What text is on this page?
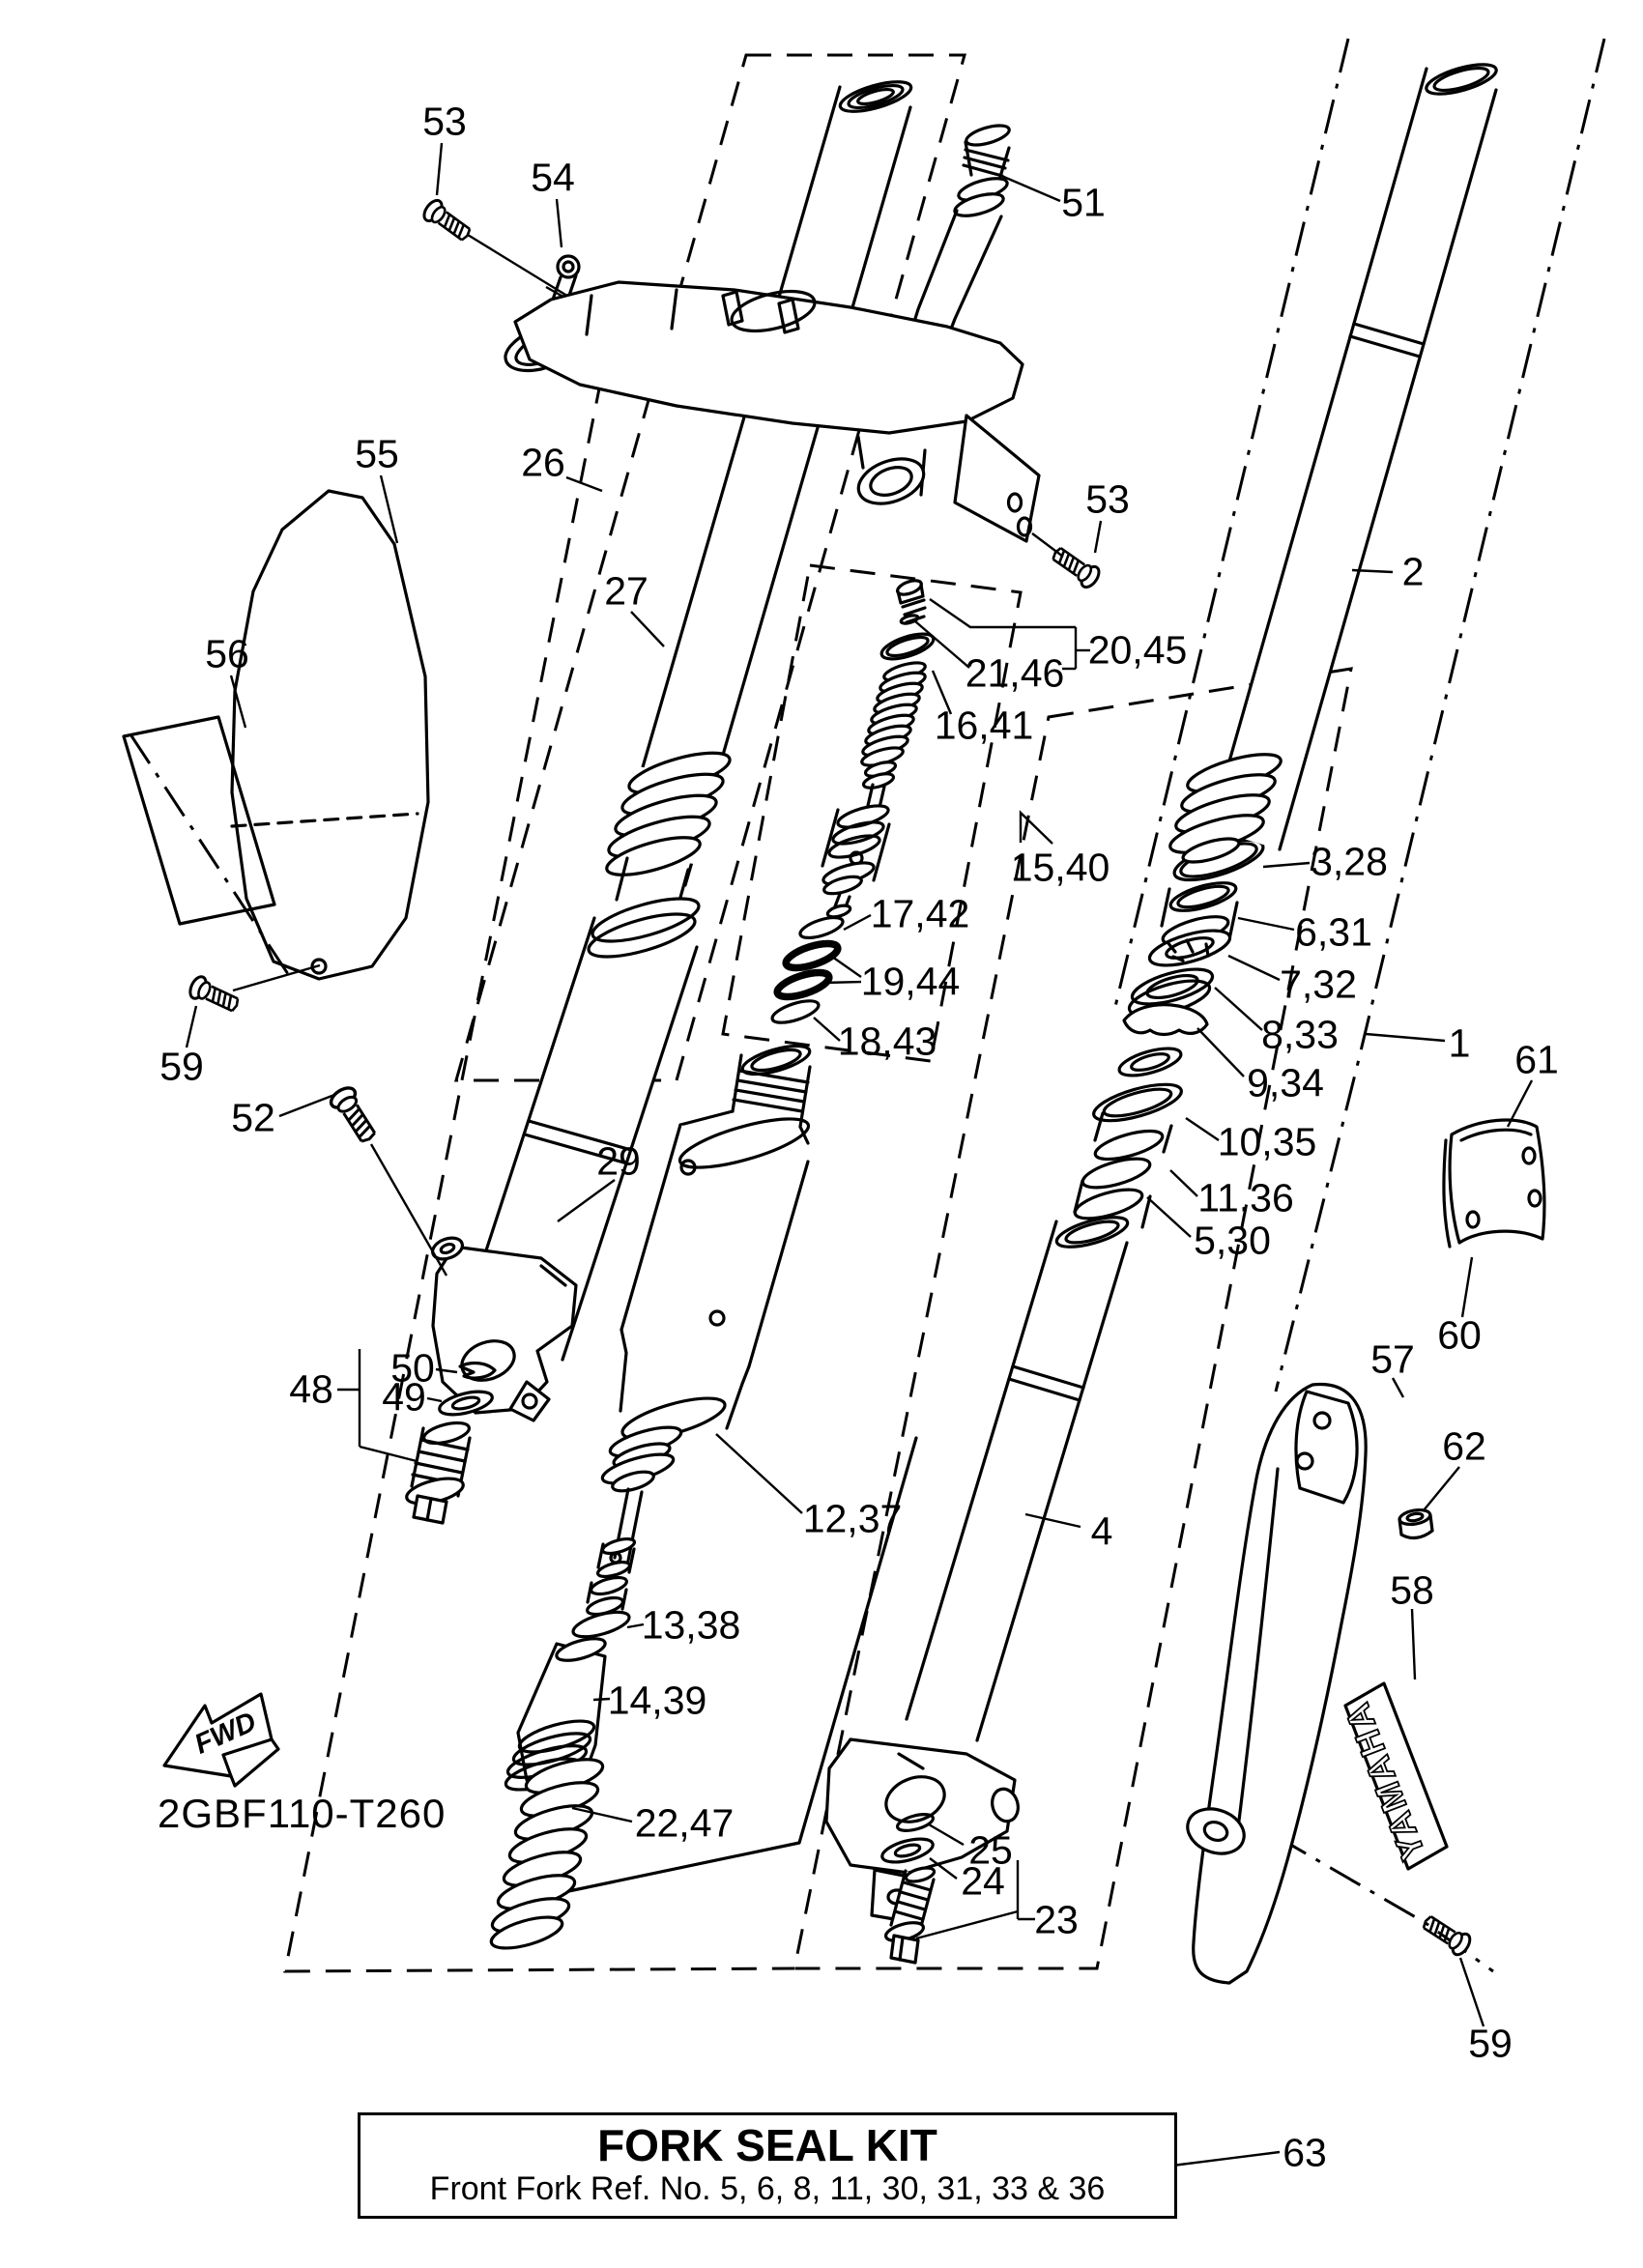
YAMAHA
FWD
53
54
51
55	26
27
56
53
2
20,45
21,46
16,41
15,40
17,42
19,44
18,43
3,28
6,31
7,32
8,33
9,34
10,35
11,36
5,30
1
4
12,37
13,38
14,39
22,47
25
24
23
48 50
49
52
29
59	61
60
57
62
58
59
63
2GBF110-T260
FORK SEAL KIT
Front Fork Ref. No. 5, 6, 8, 11, 30, 31, 33 & 36
